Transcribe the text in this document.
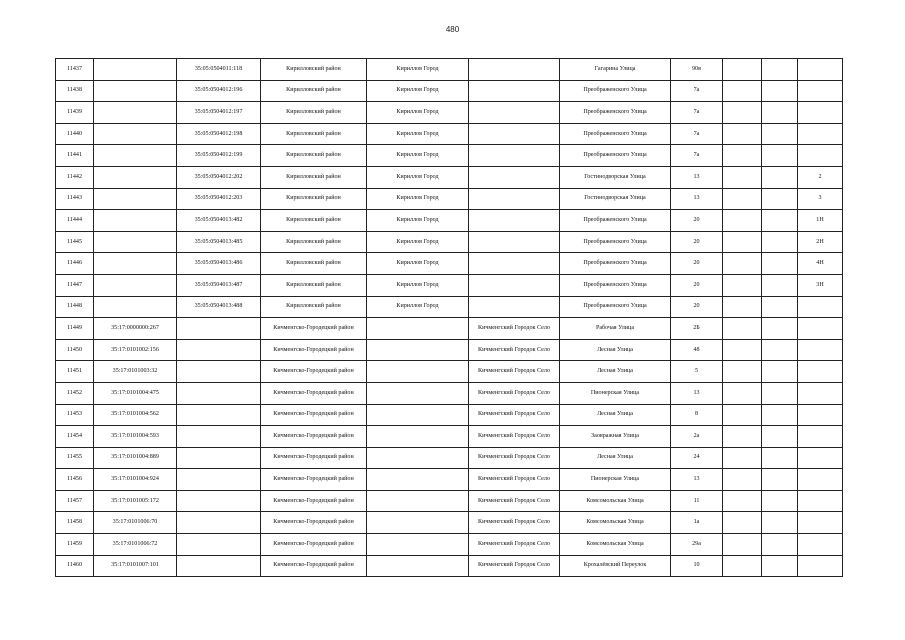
480
11437		35:05:0504011:118	Кирилловский район	Кириллов Город		Гагарина Улица	90в			
11438		35:05:0504012:196	Кирилловский район	Кириллов Город		Преображенского Улица	7а			
11439		35:05:0504012:197	Кирилловский район	Кириллов Город		Преображенского Улица	7а			
11440		35:05:0504012:198	Кирилловский район	Кириллов Город		Преображенского Улица	7а			
11441		35:05:0504012:199	Кирилловский район	Кириллов Город		Преображенского Улица	7а			
11442		35:05:0504012:202	Кирилловский район	Кириллов Город		Гостинодворская Улица	13			2
11443		35:05:0504012:203	Кирилловский район	Кириллов Город		Гостинодворская Улица	13			3
11444		35:05:0504013:482	Кирилловский район	Кириллов Город		Преображенского Улица	20			1Н
11445		35:05:0504013:485	Кирилловский район	Кириллов Город		Преображенского Улица	20			2Н
11446		35:05:0504013:486	Кирилловский район	Кириллов Город		Преображенского Улица	20			4Н
11447		35:05:0504013:487	Кирилловский район	Кириллов Город		Преображенского Улица	20			3Н
11448		35:05:0504013:488	Кирилловский район	Кириллов Город		Преображенского Улица	20			
11449	35:17:0000000:267		Кичменгско-Городецкий район		Кичменгский Городок Село	Рабочая Улица	2Б			
11450	35:17:0101002:156		Кичменгско-Городецкий район		Кичменгский Городок Село	Лесная Улица	48			
11451	35:17:0101003:32		Кичменгско-Городецкий район		Кичменгский Городок Село	Лесная Улица	5			
11452	35:17:0101004:475		Кичменгско-Городецкий район		Кичменгский Городок Село	Пионерская Улица	13			
11453	35:17:0101004:562		Кичменгско-Городецкий район		Кичменгский Городок Село	Лесная Улица	8			
11454	35:17:0101004:593		Кичменгско-Городецкий район		Кичменгский Городок Село	Заовражная Улица	2а			
11455	35:17:0101004:889		Кичменгско-Городецкий район		Кичменгский Городок Село	Лесная Улица	24			
11456	35:17:0101004:924		Кичменгско-Городецкий район		Кичменгский Городок Село	Пионерская Улица	13			
11457	35:17:0101005:172		Кичменгско-Городецкий район		Кичменгский Городок Село	Комсомольская Улица	11			
11458	35:17:0101006:70		Кичменгско-Городецкий район		Кичменгский Городок Село	Комсомольская Улица	1а			
11459	35:17:0101006:72		Кичменгско-Городецкий район		Кичменгский Городок Село	Комсомольская Улица	29а			
11460	35:17:0101007:101		Кичменгско-Городецкий район		Кичменгский Городок Село	Крохалёвский Переулок	10			
